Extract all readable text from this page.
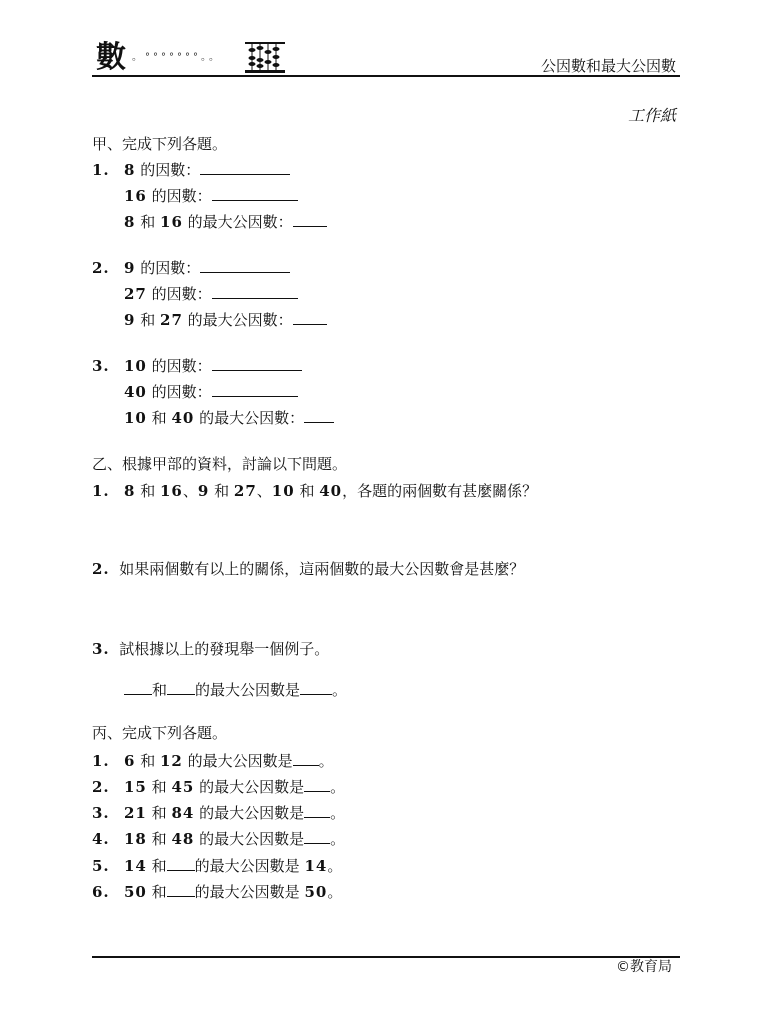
數 。°°°°°°°。。	公因數和最大公因數
工作紙
甲、完成下列各題。
1. 8 的因數：
16 的因數：
8 和 16 的最大公因數：
2. 9 的因數：
27 的因數：
9 和 27 的最大公因數：
3. 10 的因數：
40 的因數：
10 和 40 的最大公因數：
乙、根據甲部的資料，討論以下問題。
1. 8 和 16、9 和 27、10 和 40，各題的兩個數有甚麼關係？
2. 如果兩個數有以上的關係，這兩個數的最大公因數會是甚麼？
3. 試根據以上的發現舉一個例子。
和 的最大公因數是 。
丙、完成下列各題。
1. 6 和 12 的最大公因數是 。
2. 15 和 45 的最大公因數是 。
3. 21 和 84 的最大公因數是 。
4. 18 和 48 的最大公因數是 。
5. 14 和 的最大公因數是 14。
6. 50 和 的最大公因數是 50。
©教育局
